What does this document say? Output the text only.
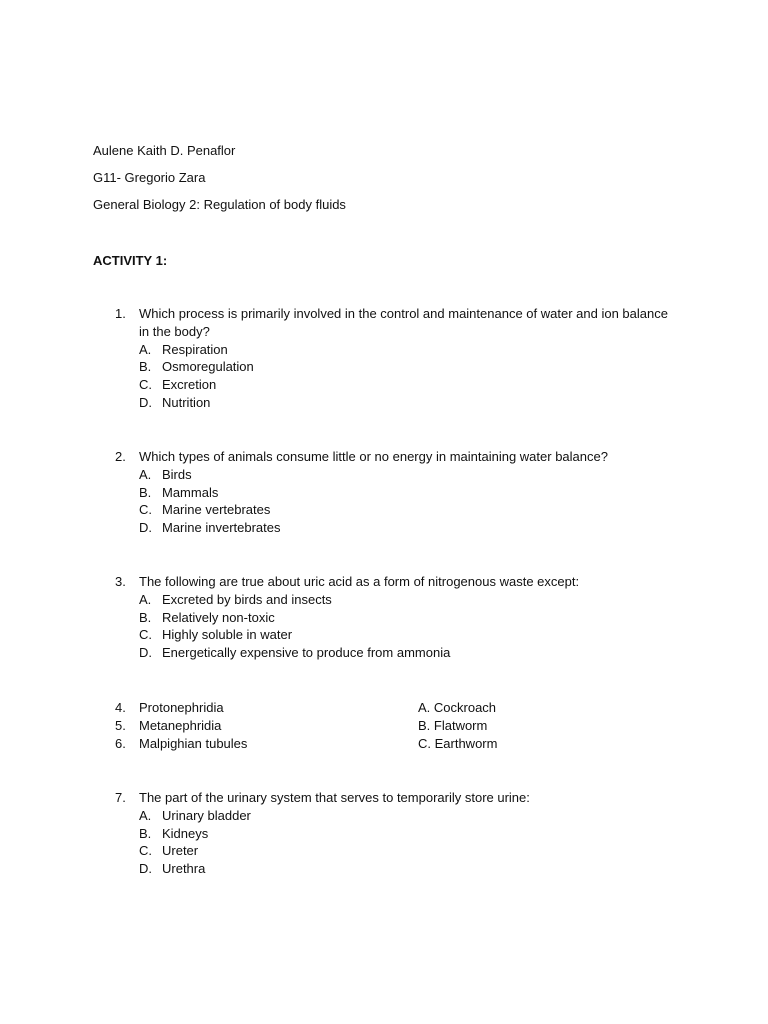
Aulene Kaith D. Penaflor
G11- Gregorio Zara
General Biology 2: Regulation of body fluids
ACTIVITY 1:
1.	Which process is primarily involved in the control and maintenance of water and ion balance
in the body?
A. Respiration
B. Osmoregulation
C. Excretion
D. Nutrition
2.	Which types of animals consume little or no energy in maintaining water balance?
A. Birds
B. Mammals
C. Marine vertebrates
D. Marine invertebrates
3.	The following are true about uric acid as a form of nitrogenous waste except:
A. Excreted by birds and insects
B. Relatively non-toxic
C. Highly soluble in water
D. Energetically expensive to produce from ammonia
4. Protonephridia	A. Cockroach
5. Metanephridia	B. Flatworm
6. Malpighian tubules	C. Earthworm
7.	The part of the urinary system that serves to temporarily store urine:
A. Urinary bladder
B. Kidneys
C. Ureter
D. Urethra
